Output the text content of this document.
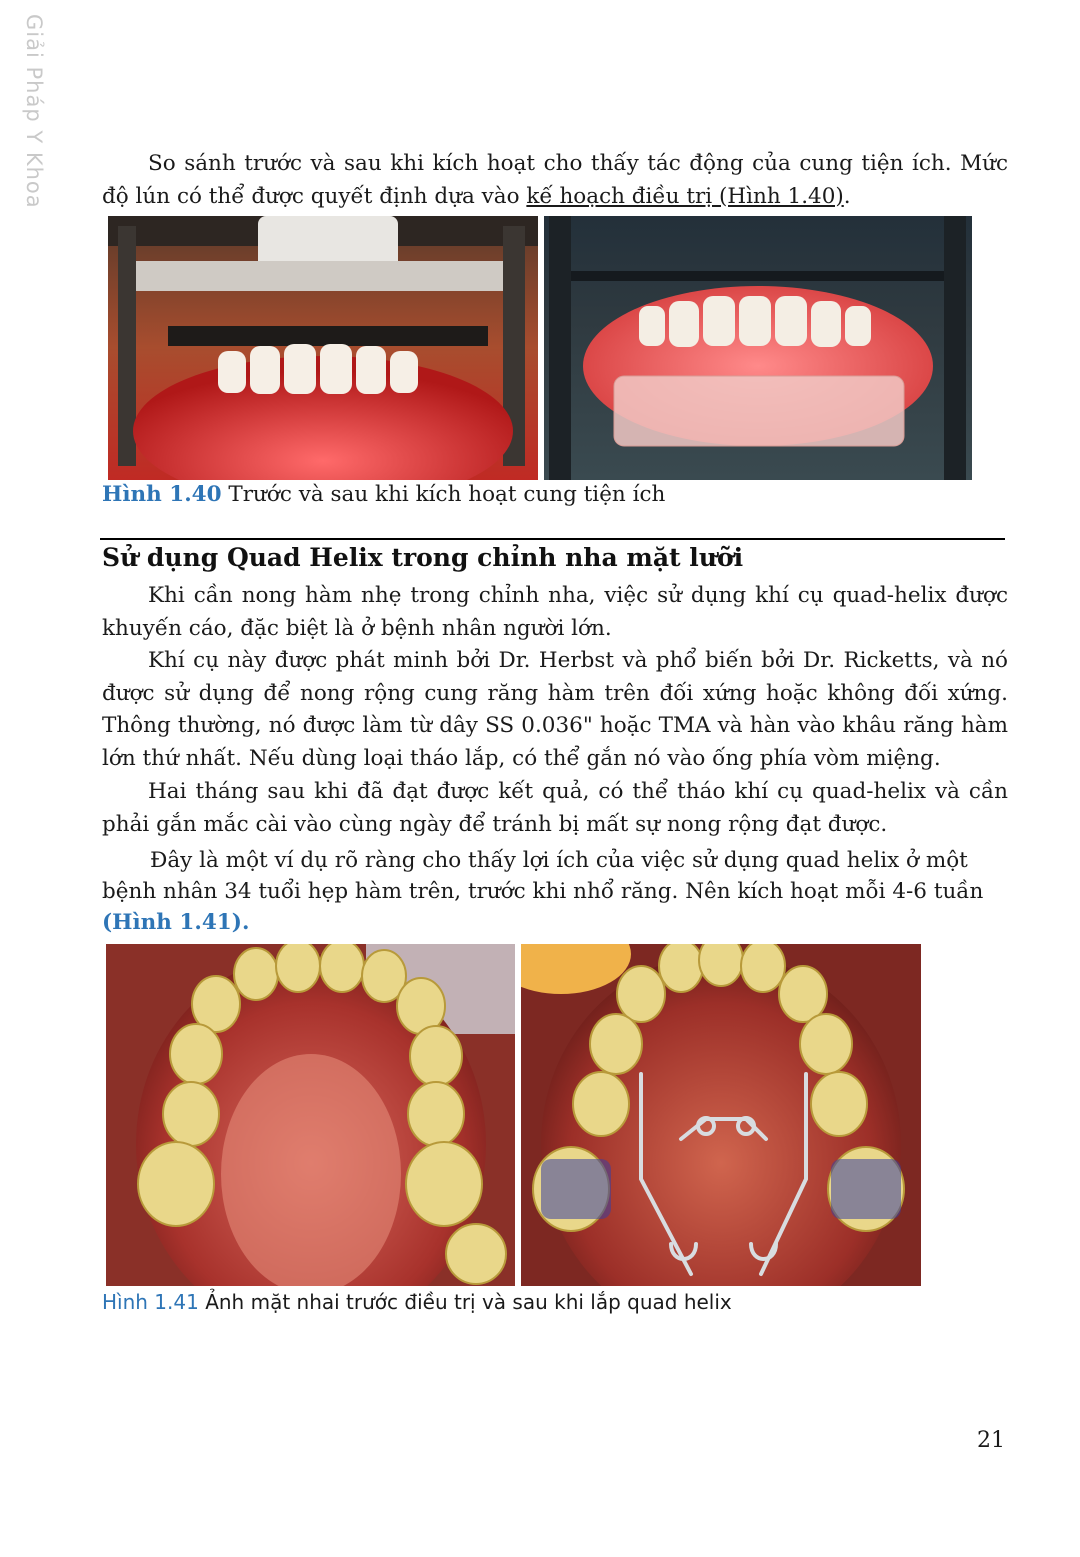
Giải Pháp Y Khoa	So sánh trước và sau khi kích hoạt cho thấy tác động của cung tiện ích. Mức độ lún có thể được quyết định dựa vào kế hoạch điều trị (Hình 1.40).

Hình 1.40 Trước và sau khi kích hoạt cung tiện ích

Sử dụng Quad Helix trong chỉnh nha mặt lưỡi

Khi cần nong hàm nhẹ trong chỉnh nha, việc sử dụng khí cụ quad-helix được khuyến cáo, đặc biệt là ở bệnh nhân người lớn.

Khí cụ này được phát minh bởi Dr. Herbst và phổ biến bởi Dr. Ricketts, và nó được sử dụng để nong rộng cung răng hàm trên đối xứng hoặc không đối xứng. Thông thường, nó được làm từ dây SS 0.036" hoặc TMA và hàn vào khâu răng hàm lớn thứ nhất. Nếu dùng loại tháo lắp, có thể gắn nó vào ống phía vòm miệng.

Hai tháng sau khi đã đạt được kết quả, có thể tháo khí cụ quad-helix và cần phải gắn mắc cài vào cùng ngày để tránh bị mất sự nong rộng đạt được.

Đây là một ví dụ rõ ràng cho thấy lợi ích của việc sử dụng quad helix ở một bệnh nhân 34 tuổi hẹp hàm trên, trước khi nhổ răng. Nên kích hoạt mỗi 4-6 tuần (Hình 1.41).

Hình 1.41 Ảnh mặt nhai trước điều trị và sau khi lắp quad helix

21
